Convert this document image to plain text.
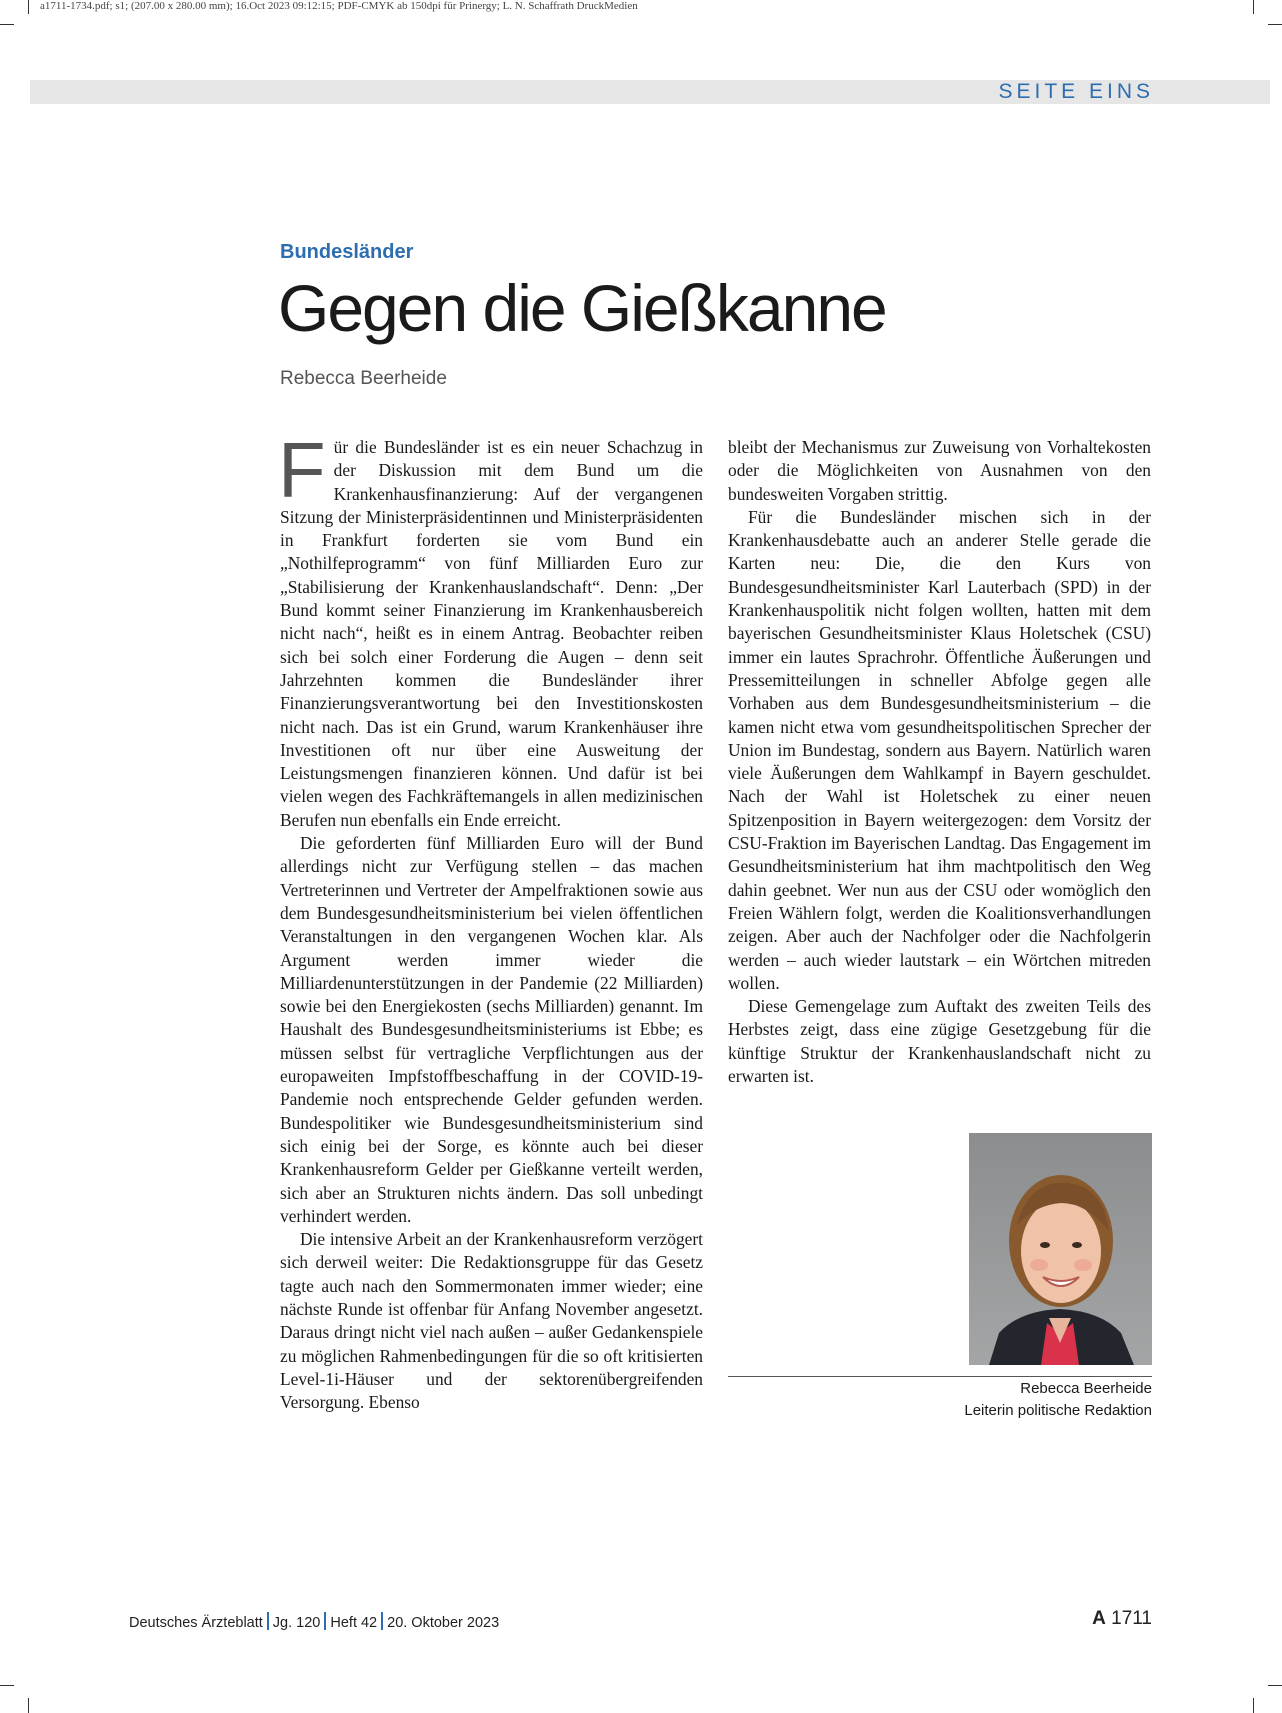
a1711-1734.pdf; s1; (207.00 x 280.00 mm); 16.Oct 2023 09:12:15; PDF-CMYK ab 150dpi für Prinergy; L. N. Schaffrath DruckMedien
SEITE EINS
Bundesländer
Gegen die Gießkanne
Rebecca Beerheide

Für die Bundesländer ist es ein neuer Schachzug in der Diskussion mit dem Bund um die Krankenhausfinanzierung: Auf der vergangenen Sitzung der Ministerpräsidentinnen und Ministerpräsidenten in Frankfurt forderten sie vom Bund ein „Nothilfeprogramm“ von fünf Milliarden Euro zur „Stabilisierung der Krankenhauslandschaft“. Denn: „Der Bund kommt seiner Finanzierung im Krankenhausbereich nicht nach“, heißt es in einem Antrag. Beobachter reiben sich bei solch einer Forderung die Augen – denn seit Jahrzehnten kommen die Bundesländer ihrer Finanzierungsverantwortung bei den Investitionskosten nicht nach. Das ist ein Grund, warum Krankenhäuser ihre Investitionen oft nur über eine Ausweitung der Leistungsmengen finanzieren können. Und dafür ist bei vielen wegen des Fachkräftemangels in allen medizinischen Berufen nun ebenfalls ein Ende erreicht.

Die geforderten fünf Milliarden Euro will der Bund allerdings nicht zur Verfügung stellen – das machen Vertreterinnen und Vertreter der Ampelfraktionen sowie aus dem Bundesgesundheitsministerium bei vielen öffentlichen Veranstaltungen in den vergangenen Wochen klar. Als Argument werden immer wieder die Milliardenunterstützungen in der Pandemie (22 Milliarden) sowie bei den Energiekosten (sechs Milliarden) genannt. Im Haushalt des Bundesgesundheitsministeriums ist Ebbe; es müssen selbst für vertragliche Verpflichtungen aus der europaweiten Impfstoffbeschaffung in der COVID-19-Pandemie noch entsprechende Gelder gefunden werden. Bundespolitiker wie Bundesgesundheitsministerium sind sich einig bei der Sorge, es könnte auch bei dieser Krankenhausreform Gelder per Gießkanne verteilt werden, sich aber an Strukturen nichts ändern. Das soll unbedingt verhindert werden.

Die intensive Arbeit an der Krankenhausreform verzögert sich derweil weiter: Die Redaktionsgruppe für das Gesetz tagte auch nach den Sommermonaten immer wieder; eine nächste Runde ist offenbar für Anfang November angesetzt. Daraus dringt nicht viel nach außen – außer Gedankenspiele zu möglichen Rahmenbedingungen für die so oft kritisierten Level-1i-Häuser und der sektorenübergreifenden Versorgung. Ebenso

bleibt der Mechanismus zur Zuweisung von Vorhaltekosten oder die Möglichkeiten von Ausnahmen von den bundesweiten Vorgaben strittig.

Für die Bundesländer mischen sich in der Krankenhausdebatte auch an anderer Stelle gerade die Karten neu: Die, die den Kurs von Bundesgesundheitsminister Karl Lauterbach (SPD) in der Krankenhauspolitik nicht folgen wollten, hatten mit dem bayerischen Gesundheitsminister Klaus Holetschek (CSU) immer ein lautes Sprachrohr. Öffentliche Äußerungen und Pressemitteilungen in schneller Abfolge gegen alle Vorhaben aus dem Bundesgesundheitsministerium – die kamen nicht etwa vom gesundheitspolitischen Sprecher der Union im Bundestag, sondern aus Bayern. Natürlich waren viele Äußerungen dem Wahlkampf in Bayern geschuldet. Nach der Wahl ist Holetschek zu einer neuen Spitzenposition in Bayern weitergezogen: dem Vorsitz der CSU-Fraktion im Bayerischen Landtag. Das Engagement im Gesundheitsministerium hat ihm machtpolitisch den Weg dahin geebnet. Wer nun aus der CSU oder womöglich den Freien Wählern folgt, werden die Koalitionsverhandlungen zeigen. Aber auch der Nachfolger oder die Nachfolgerin werden – auch wieder lautstark – ein Wörtchen mitreden wollen.

Diese Gemengelage zum Auftakt des zweiten Teils des Herbstes zeigt, dass eine zügige Gesetzgebung für die künftige Struktur der Krankenhauslandschaft nicht zu erwarten ist.

Rebecca Beerheide
Leiterin politische Redaktion
Deutsches Ärzteblatt Jg. 120 Heft 42 20. Oktober 2023	A 1711
